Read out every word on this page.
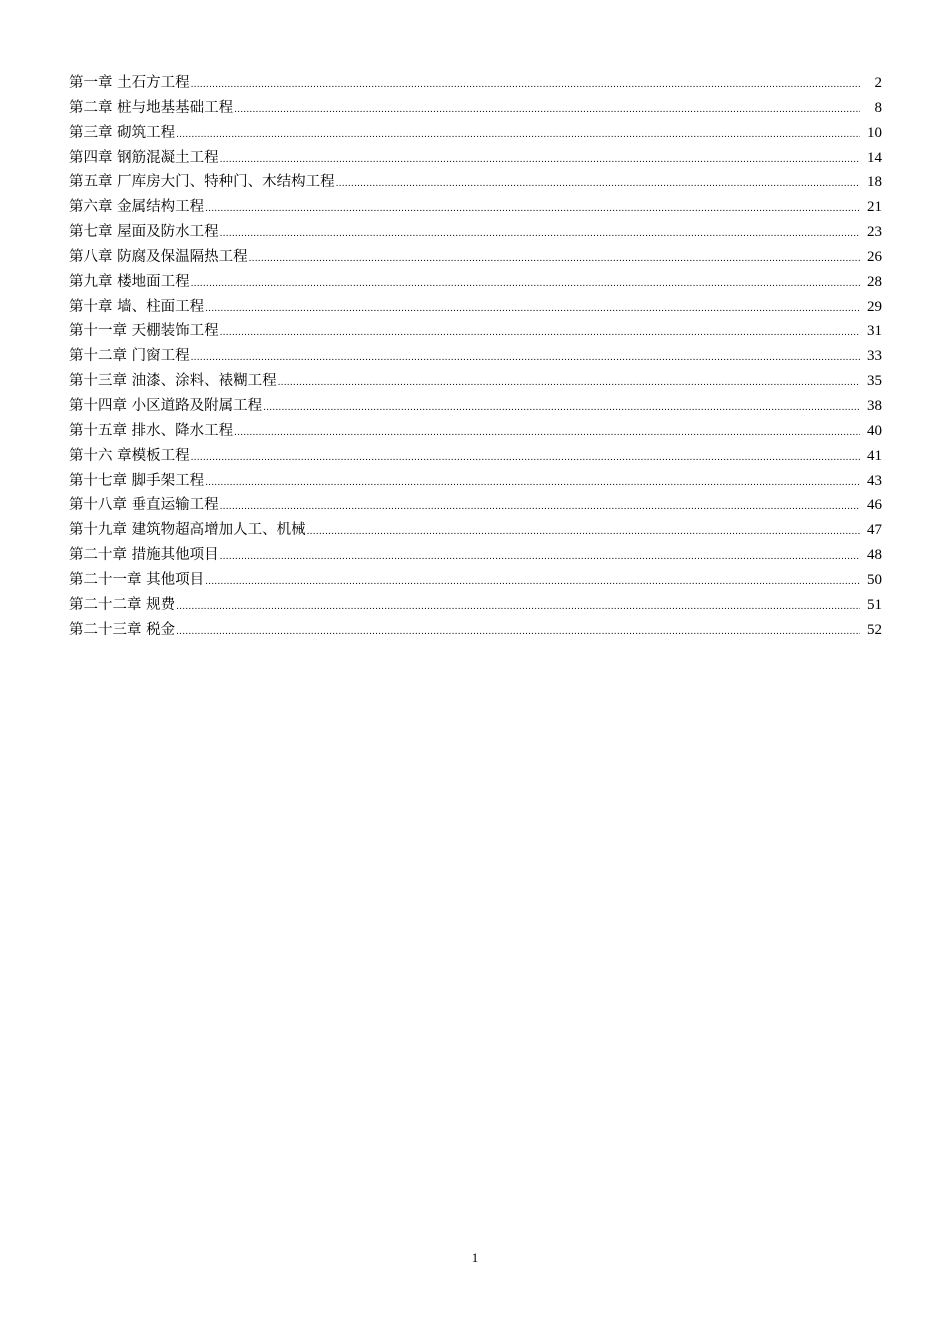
第一章 土石方工程 .....	2
第二章 桩与地基基础工程 .....	8
第三章 砌筑工程 .....	10
第四章 钢筋混凝土工程 .....	14
第五章 厂库房大门、特种门、木结构工程 .....	18
第六章 金属结构工程 .....	21
第七章 屋面及防水工程 .....	23
第八章 防腐及保温隔热工程 .....	26
第九章 楼地面工程 .....	28
第十章 墙、柱面工程 .....	29
第十一章 天棚装饰工程 .....	31
第十二章 门窗工程 .....	33
第十三章 油漆、涂料、裱糊工程 .....	35
第十四章 小区道路及附属工程 .....	38
第十五章 排水、降水工程 .....	40
第十六 章模板工程 .....	41
第十七章 脚手架工程 .....	43
第十八章 垂直运输工程 .....	46
第十九章 建筑物超高增加人工、机械 .....	47
第二十章 措施其他项目 .....	48
第二十一章 其他项目 .....	50
第二十二章 规费 .....	51
第二十三章 税金 .....	52
1
